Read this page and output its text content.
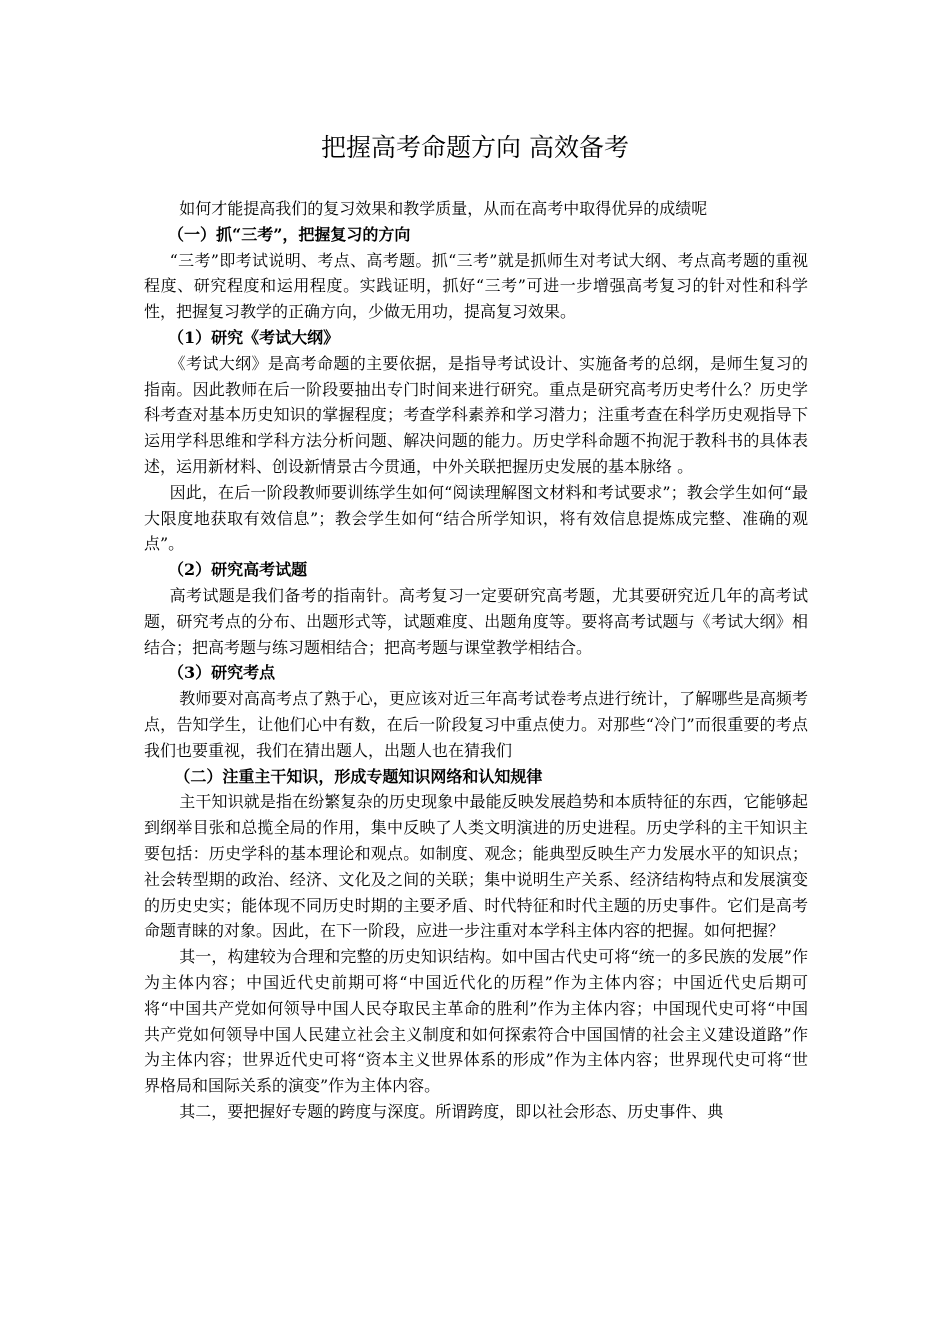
把握高考命题方向 高效备考

如何才能提高我们的复习效果和教学质量，从而在高考中取得优异的成绩呢

（一）抓“三考”，把握复习的方向

“三考”即考试说明、考点、高考题。抓“三考”就是抓师生对考试大纲、考点高考题的重视程度、研究程度和运用程度。实践证明，抓好“三考”可进一步增强高考复习的针对性和科学性，把握复习教学的正确方向，少做无用功，提高复习效果。

（1）研究《考试大纲》

《考试大纲》是高考命题的主要依据，是指导考试设计、实施备考的总纲，是师生复习的指南。因此教师在后一阶段要抽出专门时间来进行研究。重点是研究高考历史考什么？历史学科考查对基本历史知识的掌握程度；考查学科素养和学习潜力；注重考查在科学历史观指导下运用学科思维和学科方法分析问题、解决问题的能力。历史学科命题不拘泥于教科书的具体表述，运用新材料、创设新情景古今贯通，中外关联把握历史发展的基本脉络 。

因此，在后一阶段教师要训练学生如何“阅读理解图文材料和考试要求”；教会学生如何“最大限度地获取有效信息”；教会学生如何“结合所学知识，将有效信息提炼成完整、准确的观点”。

（2）研究高考试题

高考试题是我们备考的指南针。高考复习一定要研究高考题，尤其要研究近几年的高考试题，研究考点的分布、出题形式等，试题难度、出题角度等。要将高考试题与《考试大纲》相结合；把高考题与练习题相结合；把高考题与课堂教学相结合。

（3）研究考点

教师要对高高考点了熟于心，更应该对近三年高考试卷考点进行统计，了解哪些是高频考点，告知学生，让他们心中有数，在后一阶段复习中重点使力。对那些“冷门”而很重要的考点我们也要重视，我们在猜出题人，出题人也在猜我们

（二）注重主干知识，形成专题知识网络和认知规律

主干知识就是指在纷繁复杂的历史现象中最能反映发展趋势和本质特征的东西，它能够起到纲举目张和总揽全局的作用，集中反映了人类文明演进的历史进程。历史学科的主干知识主要包括：历史学科的基本理论和观点。如制度、观念；能典型反映生产力发展水平的知识点；社会转型期的政治、经济、文化及之间的关联；集中说明生产关系、经济结构特点和发展演变的历史史实；能体现不同历史时期的主要矛盾、时代特征和时代主题的历史事件。它们是高考命题青睐的对象。因此，在下一阶段，应进一步注重对本学科主体内容的把握。如何把握？

其一，构建较为合理和完整的历史知识结构。如中国古代史可将“统一的多民族的发展”作为主体内容；中国近代史前期可将“中国近代化的历程”作为主体内容；中国近代史后期可将“中国共产党如何领导中国人民夺取民主革命的胜利”作为主体内容；中国现代史可将“中国共产党如何领导中国人民建立社会主义制度和如何探索符合中国国情的社会主义建设道路”作为主体内容；世界近代史可将“资本主义世界体系的形成”作为主体内容；世界现代史可将“世界格局和国际关系的演变”作为主体内容。

其二，要把握好专题的跨度与深度。所谓跨度，即以社会形态、历史事件、典
